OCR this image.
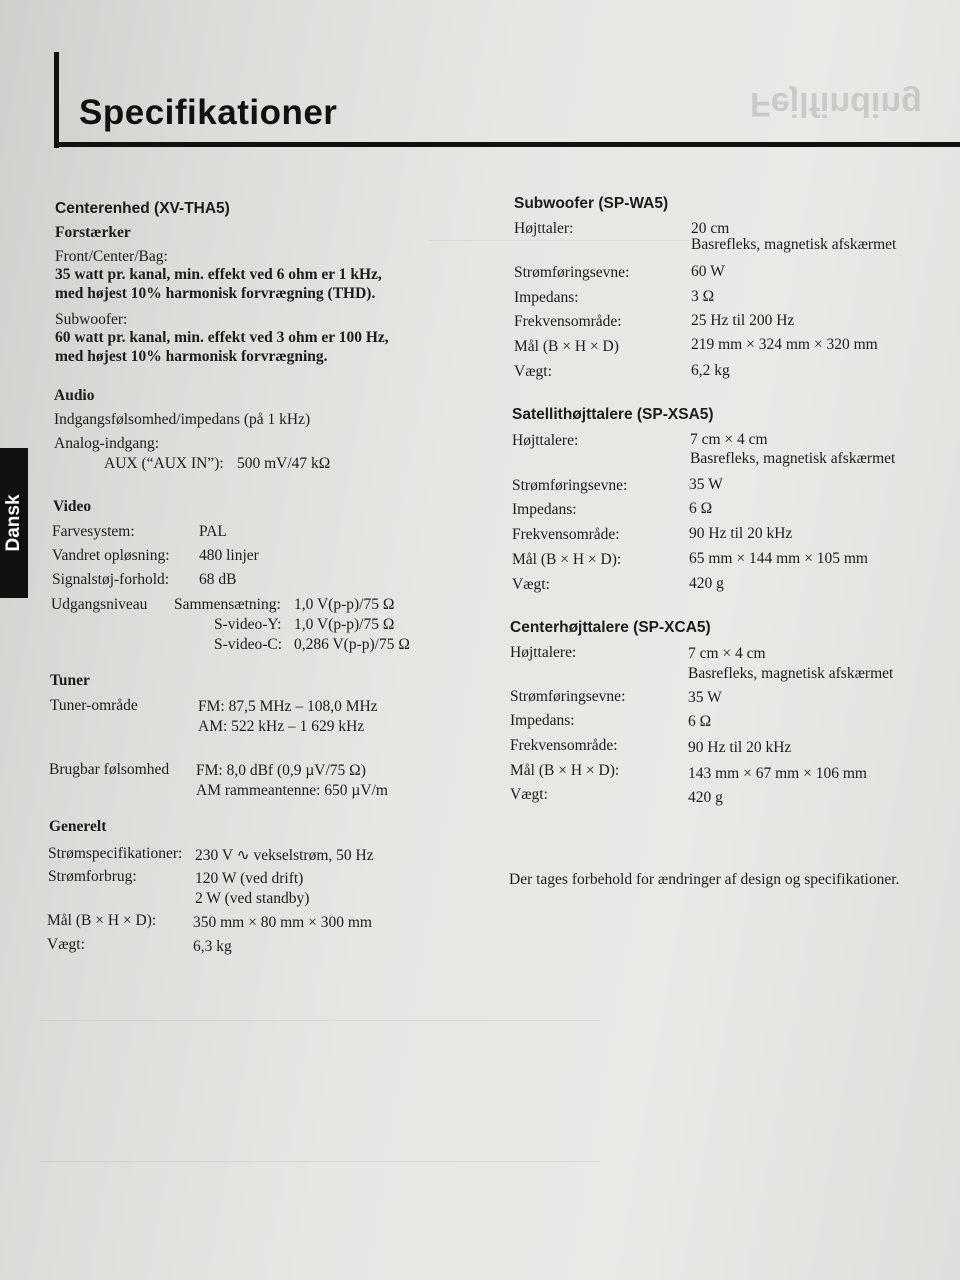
Specifikationer	Fejlfinding
Dansk
Centerenhed (XV-THA5)
Forstærker
Front/Center/Bag:
35 watt pr. kanal, min. effekt ved 6 ohm er 1 kHz,
med højest 10% harmonisk forvrægning (THD).
Subwoofer:
60 watt pr. kanal, min. effekt ved 3 ohm er 100 Hz,
med højest 10% harmonisk forvrægning.
Audio
Indgangsfølsomhed/impedans (på 1 kHz)
Analog-indgang:
AUX (“AUX IN”): 500 mV/47 kΩ
Video
Farvesystem:	PAL
Vandret opløsning: 480 linjer
Signalstøj-forhold: 68 dB
Udgangsniveau Sammensætning: 1,0 V(p-p)/75 Ω
S-video-Y: 1,0 V(p-p)/75 Ω
S-video-C: 0,286 V(p-p)/75 Ω
Tuner
Tuner-område	FM: 87,5 MHz – 108,0 MHz
AM: 522 kHz – 1 629 kHz
Brugbar følsomhed FM: 8,0 dBf (0,9 µV/75 Ω)
AM rammeantenne: 650 µV/m
Generelt
Strømspecifikationer: 230 V ∿ vekselstrøm, 50 Hz
Strømforbrug:	120 W (ved drift)
2 W (ved standby)
Mål (B × H × D): 350 mm × 80 mm × 300 mm
Vægt:	6,3 kg
Subwoofer (SP-WA5)
Højttaler:	20 cm
Basrefleks, magnetisk afskærmet
Strømføringsevne:	60 W
Impedans:	3 Ω
Frekvensområde:	25 Hz til 200 Hz
Mål (B × H × D)	219 mm × 324 mm × 320 mm
Vægt:	6,2 kg
Satellithøjttalere (SP-XSA5)
Højttalere:	7 cm × 4 cm
Basrefleks, magnetisk afskærmet
Strømføringsevne:	35 W
Impedans:	6 Ω
Frekvensområde:	90 Hz til 20 kHz
Mål (B × H × D):	65 mm × 144 mm × 105 mm
Vægt:	420 g
Centerhøjttalere (SP-XCA5)
Højttalere:	7 cm × 4 cm
Basrefleks, magnetisk afskærmet
Strømføringsevne:	35 W
Impedans:	6 Ω
Frekvensområde:	90 Hz til 20 kHz
Mål (B × H × D):	143 mm × 67 mm × 106 mm
Vægt:	420 g
Der tages forbehold for ændringer af design og specifikationer.
